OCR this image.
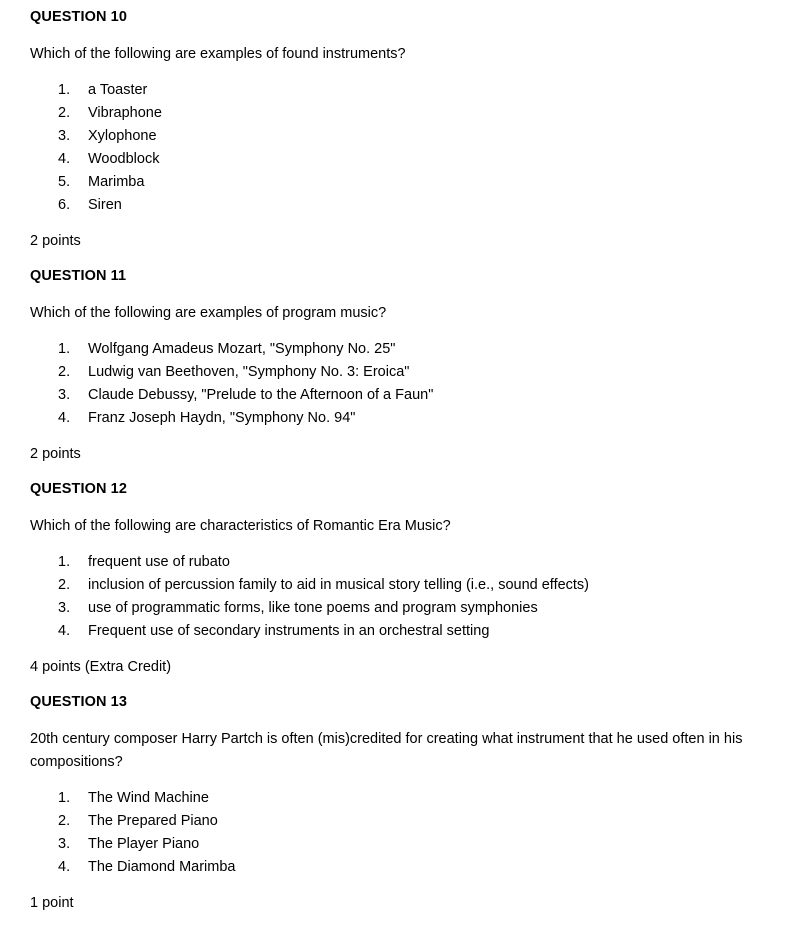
QUESTION 10

Which of the following are examples of found instruments?

1.	a Toaster
2.	Vibraphone
3.	Xylophone
4.	Woodblock
5.	Marimba
6.	Siren

2 points

QUESTION 11

Which of the following are examples of program music?

1.	Wolfgang Amadeus Mozart, "Symphony No. 25"
2.	Ludwig van Beethoven, "Symphony No. 3: Eroica"
3.	Claude Debussy, "Prelude to the Afternoon of a Faun"
4.	Franz Joseph Haydn, "Symphony No. 94"

2 points

QUESTION 12

Which of the following are characteristics of Romantic Era Music?

1.	frequent use of rubato
2.	inclusion of percussion family to aid in musical story telling (i.e., sound effects)
3.	use of programmatic forms, like tone poems and program symphonies
4.	Frequent use of secondary instruments in an orchestral setting

4 points (Extra Credit)

QUESTION 13

20th century composer Harry Partch is often (mis)credited for creating what instrument that he used often in his compositions?

1.	The Wind Machine
2.	The Prepared Piano
3.	The Player Piano
4.	The Diamond Marimba

1 point
